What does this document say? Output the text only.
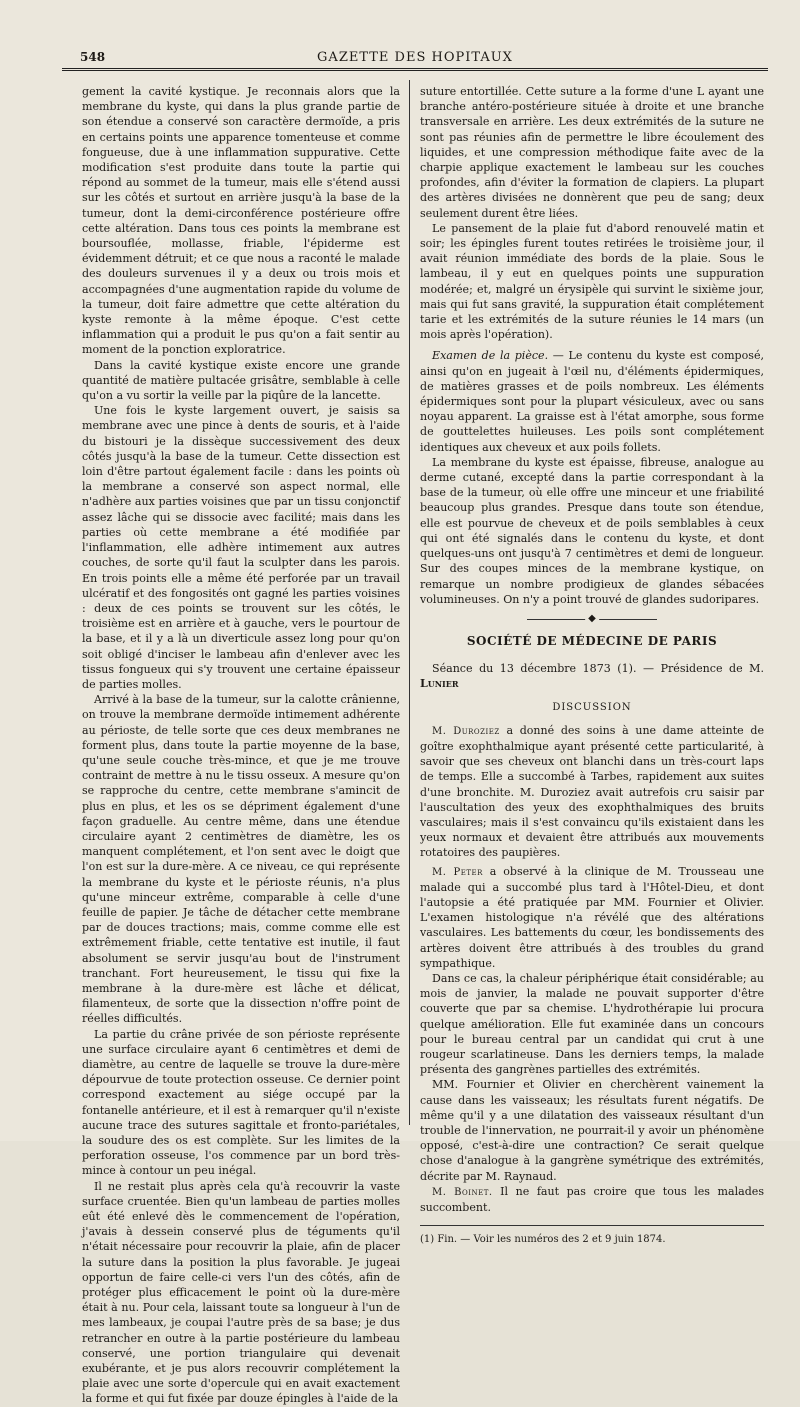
548	GAZETTE DES HOPITAUX

gement la cavité kystique. Je reconnais alors que la membrane du kyste, qui dans la plus grande partie de son étendue a conservé son caractère dermoïde, a pris en certains points une apparence tomenteuse et comme fongueuse, due à une inflammation suppurative. Cette modification s'est produite dans toute la partie qui répond au sommet de la tumeur, mais elle s'étend aussi sur les côtés et surtout en arrière jusqu'à la base de la tumeur, dont la demi-circonférence postérieure offre cette altération. Dans tous ces points la membrane est boursouflée, mollasse, friable, l'épiderme est évidemment détruit; et ce que nous a raconté le malade des douleurs survenues il y a deux ou trois mois et accompagnées d'une augmentation rapide du volume de la tumeur, doit faire admettre que cette altération du kyste remonte à la même époque. C'est cette inflammation qui a produit le pus qu'on a fait sentir au moment de la ponction exploratrice.

Dans la cavité kystique existe encore une grande quantité de matière pultacée grisâtre, semblable à celle qu'on a vu sortir la veille par la piqûre de la lancette.

Une fois le kyste largement ouvert, je saisis sa membrane avec une pince à dents de souris, et à l'aide du bistouri je la dissèque successivement des deux côtés jusqu'à la base de la tumeur. Cette dissection est loin d'être partout également facile : dans les points où la membrane a conservé son aspect normal, elle n'adhère aux parties voisines que par un tissu conjonctif assez lâche qui se dissocie avec facilité; mais dans les parties où cette membrane a été modifiée par l'inflammation, elle adhère intimement aux autres couches, de sorte qu'il faut la sculpter dans les parois. En trois points elle a même été perforée par un travail ulcératif et des fongosités ont gagné les parties voisines : deux de ces points se trouvent sur les côtés, le troisième est en arrière et à gauche, vers le pourtour de la base, et il y a là un diverticule assez long pour qu'on soit obligé d'inciser le lambeau afin d'enlever avec les tissus fongueux qui s'y trouvent une certaine épaisseur de parties molles.

Arrivé à la base de la tumeur, sur la calotte crânienne, on trouve la membrane dermoïde intimement adhérente au périoste, de telle sorte que ces deux membranes ne forment plus, dans toute la partie moyenne de la base, qu'une seule couche très-mince, et que je me trouve contraint de mettre à nu le tissu osseux. A mesure qu'on se rapproche du centre, cette membrane s'amincit de plus en plus, et les os se dépriment également d'une façon graduelle. Au centre même, dans une étendue circulaire ayant 2 centimètres de diamètre, les os manquent complétement, et l'on sent avec le doigt que l'on est sur la dure-mère. A ce niveau, ce qui représente la membrane du kyste et le périoste réunis, n'a plus qu'une minceur extrême, comparable à celle d'une feuille de papier. Je tâche de détacher cette membrane par de douces tractions; mais, comme comme elle est extrêmement friable, cette tentative est inutile, il faut absolument se servir jusqu'au bout de l'instrument tranchant. Fort heureusement, le tissu qui fixe la membrane à la dure-mère est lâche et délicat, filamenteux, de sorte que la dissection n'offre point de réelles difficultés.

La partie du crâne privée de son périoste représente une surface circulaire ayant 6 centimètres et demi de diamètre, au centre de laquelle se trouve la dure-mère dépourvue de toute protection osseuse. Ce dernier point correspond exactement au siége occupé par la fontanelle antérieure, et il est à remarquer qu'il n'existe aucune trace des sutures sagittale et fronto-pariétales, la soudure des os est complète. Sur les limites de la perforation osseuse, l'os commence par un bord très-mince à contour un peu inégal.

Il ne restait plus après cela qu'à recouvrir la vaste surface cruentée. Bien qu'un lambeau de parties molles eût été enlevé dès le commencement de l'opération, j'avais à dessein conservé plus de téguments qu'il n'était nécessaire pour recouvrir la plaie, afin de placer la suture dans la position la plus favorable. Je jugeai opportun de faire celle-ci vers l'un des côtés, afin de protéger plus efficacement le point où la dure-mère était à nu. Pour cela, laissant toute sa longueur à l'un de mes lambeaux, je coupai l'autre près de sa base; je dus retrancher en outre à la partie postérieure du lambeau conservé, une portion triangulaire qui devenait exubérante, et je pus alors recouvrir complétement la plaie avec une sorte d'opercule qui en avait exactement la forme et qui fut fixée par douze épingles à l'aide de la

suture entortillée. Cette suture a la forme d'une L ayant une branche antéro-postérieure située à droite et une branche transversale en arrière. Les deux extrémités de la suture ne sont pas réunies afin de permettre le libre écoulement des liquides, et une compression méthodique faite avec de la charpie applique exactement le lambeau sur les couches profondes, afin d'éviter la formation de clapiers. La plupart des artères divisées ne donnèrent que peu de sang; deux seulement durent être liées.

Le pansement de la plaie fut d'abord renouvelé matin et soir; les épingles furent toutes retirées le troisième jour, il avait réunion immédiate des bords de la plaie. Sous le lambeau, il y eut en quelques points une suppuration modérée; et, malgré un érysipèle qui survint le sixième jour, mais qui fut sans gravité, la suppuration était complétement tarie et les extrémités de la suture réunies le 14 mars (un mois après l'opération).

Examen de la pièce. — Le contenu du kyste est composé, ainsi qu'on en jugeait à l'œil nu, d'éléments épidermiques, de matières grasses et de poils nombreux. Les éléments épidermiques sont pour la plupart vésiculeux, avec ou sans noyau apparent. La graisse est à l'état amorphe, sous forme de gouttelettes huileuses. Les poils sont complétement identiques aux cheveux et aux poils follets.

La membrane du kyste est épaisse, fibreuse, analogue au derme cutané, excepté dans la partie correspondant à la base de la tumeur, où elle offre une minceur et une friabilité beaucoup plus grandes. Presque dans toute son étendue, elle est pourvue de cheveux et de poils semblables à ceux qui ont été signalés dans le contenu du kyste, et dont quelques-uns ont jusqu'à 7 centimètres et demi de longueur. Sur des coupes minces de la membrane kystique, on remarque un nombre prodigieux de glandes sébacées volumineuses. On n'y a point trouvé de glandes sudoripares.

◆
SOCIÉTÉ DE MÉDECINE DE PARIS

Séance du 13 décembre 1873 (1). — Présidence de M. Lunier

DISCUSSION

M. Duroziez a donné des soins à une dame atteinte de goître exophthalmique ayant présenté cette particularité, à savoir que ses cheveux ont blanchi dans un très-court laps de temps. Elle a succombé à Tarbes, rapidement aux suites d'une bronchite. M. Duroziez avait autrefois cru saisir par l'auscultation des yeux des exophthalmiques des bruits vasculaires; mais il s'est convaincu qu'ils existaient dans les yeux normaux et devaient être attribués aux mouvements rotatoires des paupières.

M. Peter a observé à la clinique de M. Trousseau une malade qui a succombé plus tard à l'Hôtel-Dieu, et dont l'autopsie a été pratiquée par MM. Fournier et Olivier. L'examen histologique n'a révélé que des altérations vasculaires. Les battements du cœur, les bondissements des artères doivent être attribués à des troubles du grand sympathique.

Dans ce cas, la chaleur périphérique était considérable; au mois de janvier, la malade ne pouvait supporter d'être couverte que par sa chemise. L'hydrothérapie lui procura quelque amélioration. Elle fut examinée dans un concours pour le bureau central par un candidat qui crut à une rougeur scarlatineuse. Dans les derniers temps, la malade présenta des gangrènes partielles des extrémités.

MM. Fournier et Olivier en cherchèrent vainement la cause dans les vaisseaux; les résultats furent négatifs. De même qu'il y a une dilatation des vaisseaux résultant d'un trouble de l'innervation, ne pourrait-il y avoir un phénomène opposé, c'est-à-dire une contraction? Ce serait quelque chose d'analogue à la gangrène symétrique des extrémités, décrite par M. Raynaud.

M. Boinet. Il ne faut pas croire que tous les malades succombent.

(1) Fin. — Voir les numéros des 2 et 9 juin 1874.
